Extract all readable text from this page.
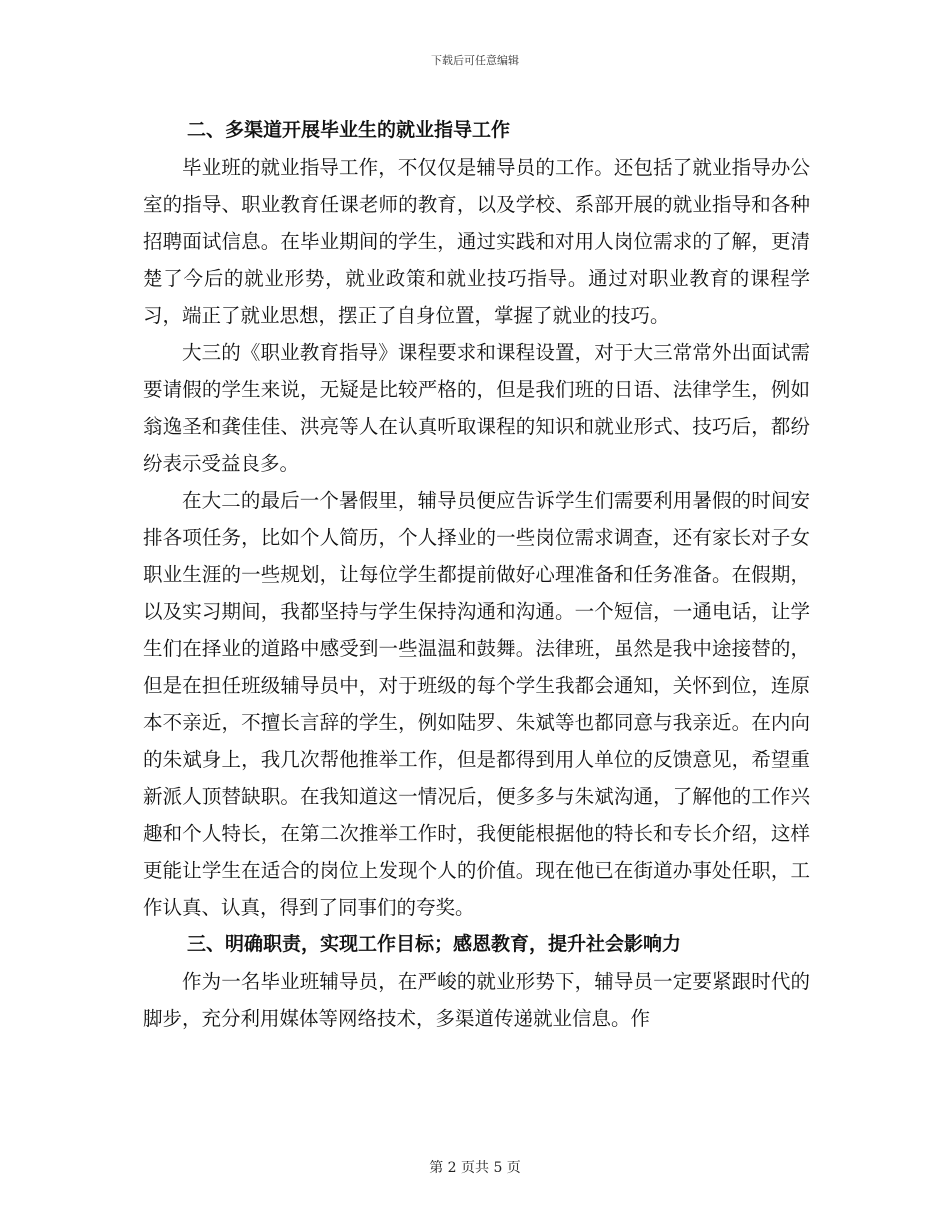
下载后可任意编辑
二、多渠道开展毕业生的就业指导工作

毕业班的就业指导工作，不仅仅是辅导员的工作。还包括了就业指导办公室的指导、职业教育任课老师的教育，以及学校、系部开展的就业指导和各种招聘面试信息。在毕业期间的学生，通过实践和对用人岗位需求的了解，更清楚了今后的就业形势，就业政策和就业技巧指导。通过对职业教育的课程学习，端正了就业思想，摆正了自身位置，掌握了就业的技巧。

大三的《职业教育指导》课程要求和课程设置，对于大三常常外出面试需要请假的学生来说，无疑是比较严格的，但是我们班的日语、法律学生，例如翁逸圣和龚佳佳、洪亮等人在认真听取课程的知识和就业形式、技巧后，都纷纷表示受益良多。

在大二的最后一个暑假里，辅导员便应告诉学生们需要利用暑假的时间安排各项任务，比如个人简历，个人择业的一些岗位需求调查，还有家长对子女职业生涯的一些规划，让每位学生都提前做好心理准备和任务准备。在假期，以及实习期间，我都坚持与学生保持沟通和沟通。一个短信，一通电话，让学生们在择业的道路中感受到一些温温和鼓舞。法律班，虽然是我中途接替的，但是在担任班级辅导员中，对于班级的每个学生我都会通知，关怀到位，连原本不亲近，不擅长言辞的学生，例如陆罗、朱斌等也都同意与我亲近。在内向的朱斌身上，我几次帮他推举工作，但是都得到用人单位的反馈意见，希望重新派人顶替缺职。在我知道这一情况后，便多多与朱斌沟通，了解他的工作兴趣和个人特长，在第二次推举工作时，我便能根据他的特长和专长介绍，这样更能让学生在适合的岗位上发现个人的价值。现在他已在街道办事处任职，工作认真、认真，得到了同事们的夸奖。

三、明确职责，实现工作目标；感恩教育，提升社会影响力

作为一名毕业班辅导员，在严峻的就业形势下，辅导员一定要紧跟时代的脚步，充分利用媒体等网络技术，多渠道传递就业信息。作

第 2 页共 5 页
